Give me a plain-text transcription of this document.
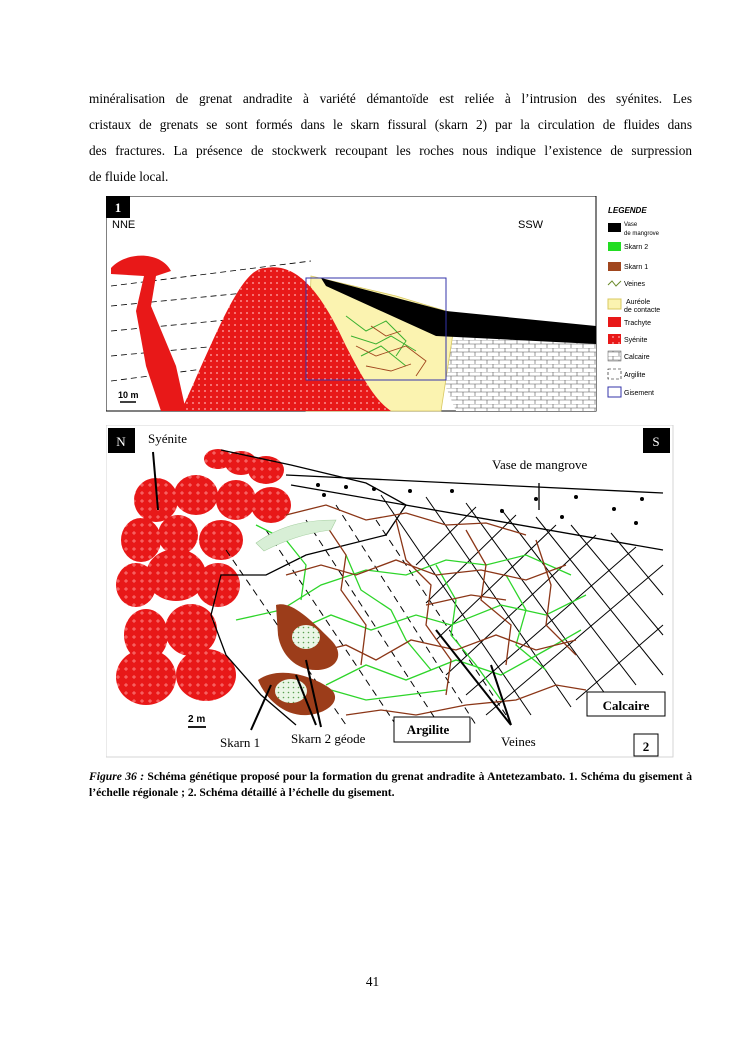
minéralisation de grenat andradite à variété démantoïde est reliée à l’intrusion des syénites. Les
cristaux de grenats se sont formés dans le skarn fissural (skarn 2) par la circulation de fluides dans
des fractures. La présence de stockwerk recoupant les roches nous indique l’existence de surpression
de fluide local.
1
NNE	SSW
10 m
LEGENDE
Vase
de mangrove
Skarn 2
Skarn 1
Veines
Auréole
de contacte
Trachyte
Syénite
Calcaire
Argilite
Gisement
N	S
Syénite
Vase de mangrove
Calcaire
Argilite
Skarn 1 Skarn 2 géode	Veines
2 m
2
Figure 36 : Schéma génétique proposé pour la formation du grenat andradite à Antetezambato. 1. Schéma du gisement à l’échelle régionale ; 2. Schéma détaillé à l’échelle du gisement.
41
